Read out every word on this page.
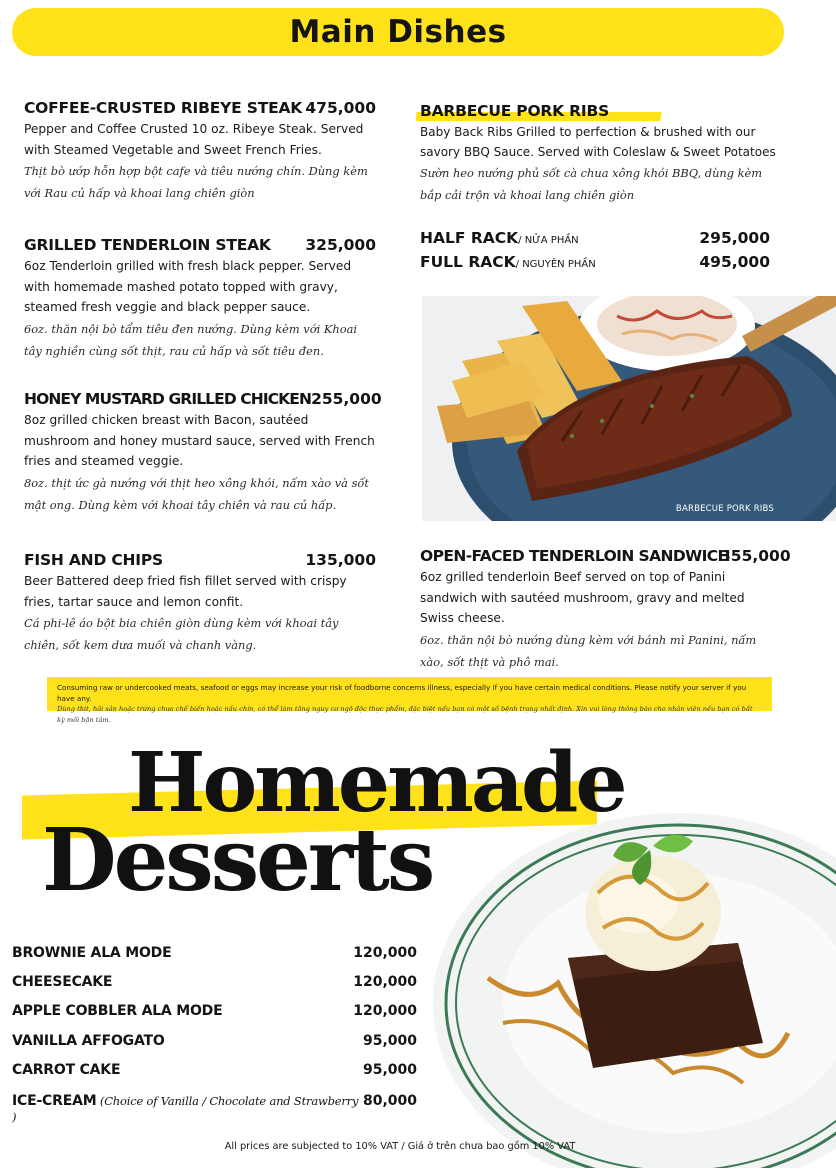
Main Dishes
COFFEE-CRUSTED RIBEYE STEAK 475,000
Pepper and Coffee Crusted 10 oz. Ribeye Steak. Served with Steamed Vegetable and Sweet French Fries.
Thịt bò ướp hỗn hợp bột cafe và tiêu nướng chín. Dùng kèm với Rau củ hấp và khoai lang chiên giòn
GRILLED TENDERLOIN STEAK	325,000
6oz Tenderloin grilled with fresh black pepper. Served with homemade mashed potato topped with gravy, steamed fresh veggie and black pepper sauce.
6oz. thăn nội bò tẩm tiêu đen nướng. Dùng kèm với Khoai tây nghiền cùng sốt thịt, rau củ hấp và sốt tiêu đen.
HONEY MUSTARD GRILLED CHICKEN 255,000
8oz grilled chicken breast with Bacon, sautéed mushroom and honey mustard sauce, served with French fries and steamed veggie.
8oz. thịt ức gà nướng với thịt heo xông khói, nấm xào và sốt mật ong. Dùng kèm với khoai tây chiên và rau củ hấp.
FISH AND CHIPS	135,000
Beer Battered deep fried fish fillet served with crispy fries, tartar sauce and lemon confit.
Cá phi-lê áo bột bia chiên giòn dùng kèm với khoai tây chiên, sốt kem dưa muối và chanh vàng.
BARBECUE PORK RIBS
Baby Back Ribs Grilled to perfection & brushed with our savory BBQ Sauce. Served with Coleslaw & Sweet Potatoes
Sườn heo nướng phủ sốt cà chua xông khói BBQ, dùng kèm bắp cải trộn và khoai lang chiên giòn
HALF RACK/ NỬA PHẦN	295,000
FULL RACK/ NGUYÊN PHẦN	495,000
BARBECUE PORK RIBS
OPEN-FACED TENDERLOIN SANDWICH
355,000
6oz grilled tenderloin Beef served on top of Panini sandwich with sautéed mushroom, gravy and melted Swiss cheese.
6oz. thăn nội bò nướng dùng kèm với bánh mì Panini, nấm xào, sốt thịt và phô mai.
Consuming raw or undercooked meats, seafood or eggs may increase your risk of foodborne concerns illness, especially if you have certain medical conditions. Please notify your server if you have any.
Dùng thịt, hải sản hoặc trứng chưa chế biến hoặc nấu chín, có thể làm tăng nguy cơ ngộ độc thực phẩm, đặc biệt nếu bạn có một số bệnh trạng nhất định. Xin vui lòng thông báo cho nhân viên nếu bạn có bất kỳ mối bận tâm.
Homemade
Desserts
BROWNIE ALA MODE	120,000
CHEESECAKE	120,000
APPLE COBBLER ALA MODE	120,000
VANILLA AFFOGATO	95,000
CARROT CAKE	95,000
ICE-CREAM (Choice of Vanilla / Chocolate and Strawberry )
80,000
All prices are subjected to 10% VAT / Giá ở trên chưa bao gồm 10% VAT
